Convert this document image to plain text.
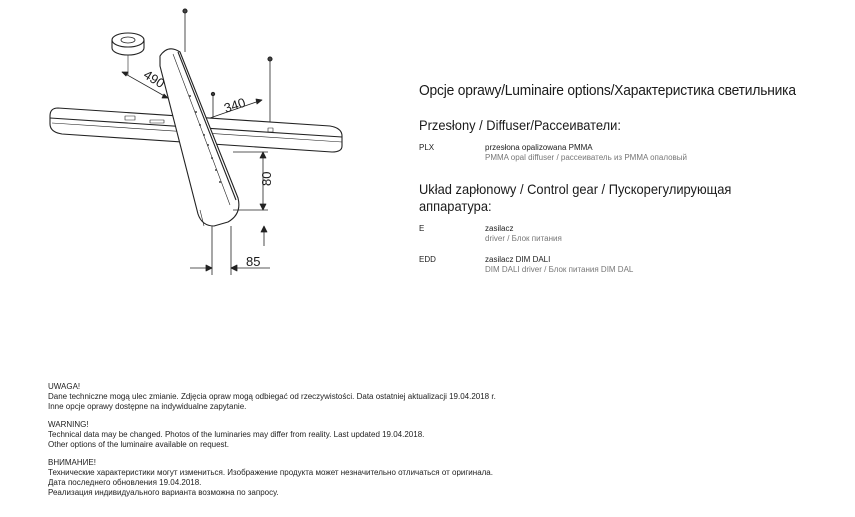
490
340
80
85
Opcje oprawy/Luminaire options/Характеристика светильника
Przesłony / Diffuser/Рассеиватели:
PLX	przesłona opalizowana PMMA
PMMA opal diffuser / рассеиватель из PMMA опаловый
Układ zapłonowy / Control gear / Пускорегулирующая
аппаратура:
E	zasilacz
driver / Блок питания
EDD	zasilacz DIM DALI
DIM DALI driver / Блок питания DIM DAL

UWAGA!

Dane techniczne mogą ulec zmianie. Zdjęcia opraw mogą odbiegać od rzeczywistości. Data ostatniej aktualizacji 19.04.2018 r.

Inne opcje oprawy dostępne na indywidualne zapytanie.

WARNING!

Technical data may be changed. Photos of the luminaries may differ from reality. Last updated 19.04.2018.

Other options of the luminaire available on request.

ВНИМАНИЕ!

Технические характеристики могут измениться. Изображение продукта может незначительно отличаться от оригинала.

Дата последнего обновления 19.04.2018.

Реализация индивидуального варианта возможна по запросу.
